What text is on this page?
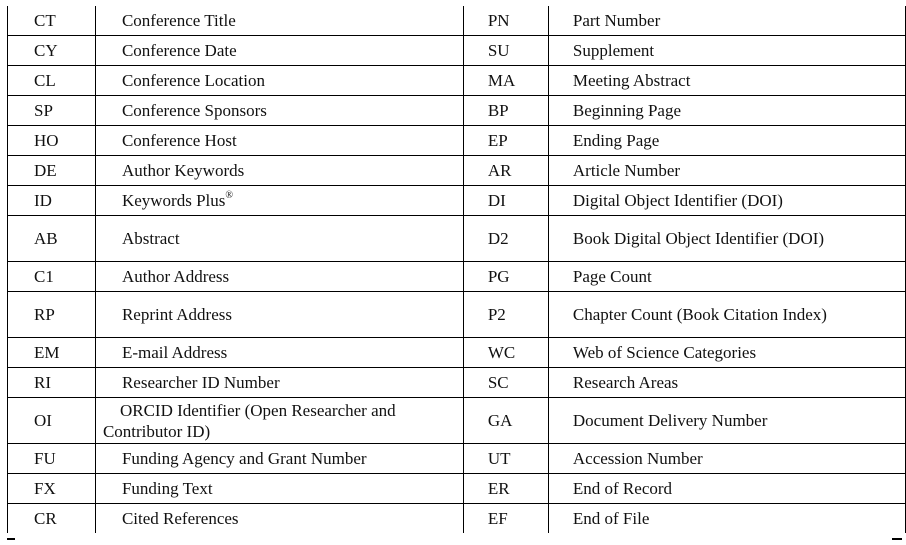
CT	Conference Title	PN	Part Number
CY	Conference Date	SU	Supplement
CL	Conference Location	MA	Meeting Abstract
SP	Conference Sponsors	BP	Beginning Page
HO	Conference Host	EP	Ending Page
DE	Author Keywords	AR	Article Number
ID	Keywords Plus®	DI	Digital Object Identifier (DOI)
AB	Abstract	D2	Book Digital Object Identifier (DOI)
C1	Author Address	PG	Page Count
RP	Reprint Address	P2	Chapter Count (Book Citation Index)
EM	E-mail Address	WC	Web of Science Categories
RI	Researcher ID Number	SC	Research Areas
OI	ORCID Identifier (Open Researcher and
Contributor ID)	GA	Document Delivery Number
FU	Funding Agency and Grant Number	UT	Accession Number
FX	Funding Text	ER	End of Record
CR	Cited References	EF	End of File
